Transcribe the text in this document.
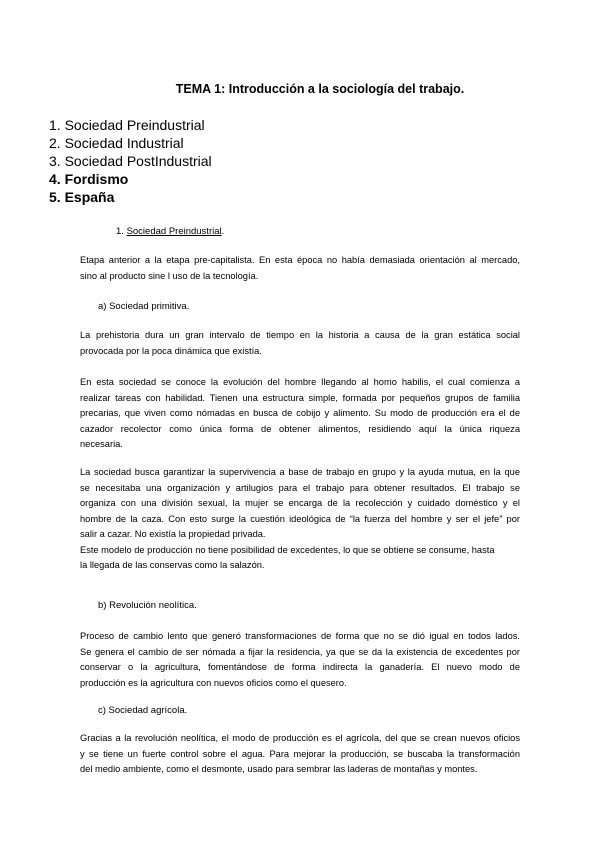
TEMA 1: Introducción a la sociología del trabajo.
1. Sociedad Preindustrial
2. Sociedad Industrial
3. Sociedad PostIndustrial
4. Fordismo
5. España
1. Sociedad Preindustrial.
Etapa anterior a la etapa pre-capitalista. En esta época no había demasiada orientación al mercado,
sino al producto sine l uso de la tecnología.
a) Sociedad primitiva.
La prehistoria dura un gran intervalo de tiempo en la historia a causa de la gran estática social
provocada por la poca dinámica que existía.
En esta sociedad se conoce la evolución del hombre llegando al homo habilis, el cual comienza a
realizar tareas con habilidad. Tienen una estructura simple, formada por pequeños grupos de familia
precarias, que viven como nómadas en busca de cobijo y alimento. Su modo de producción era el de
cazador recolector como única forma de obtener alimentos, residiendo aquí la única riqueza
necesaria.
La sociedad busca garantizar la supervivencia a base de trabajo en grupo y la ayuda mutua, en la que
se necesitaba una organización y artilugios para el trabajo para obtener resultados. El trabajo se
organiza con una división sexual, la mujer se encarga de la recolección y cuidado doméstico y el
hombre de la caza. Con esto surge la cuestión ideológica de “la fuerza del hombre y ser el jefe” por
salir a cazar. No existía la propiedad privada.
Este modelo de producción no tiene posibilidad de excedentes, lo que se obtiene se consume, hasta
la llegada de las conservas como la salazón.
b) Revolución neolítica.
Proceso de cambio lento que generó transformaciones de forma que no se dió igual en todos lados.
Se genera el cambio de ser nómada a fijar la residencia, ya que se da la existencia de excedentes por
conservar o la agricultura, fomentándose de forma indirecta la ganadería. El nuevo modo de
producción es la agricultura con nuevos oficios como el quesero.
c) Sociedad agrícola.
Gracias a la revolución neolítica, el modo de producción es el agrícola, del que se crean nuevos oficios
y se tiene un fuerte control sobre el agua. Para mejorar la producción, se buscaba la transformación
del medio ambiente, como el desmonte, usado para sembrar las laderas de montañas y montes.
